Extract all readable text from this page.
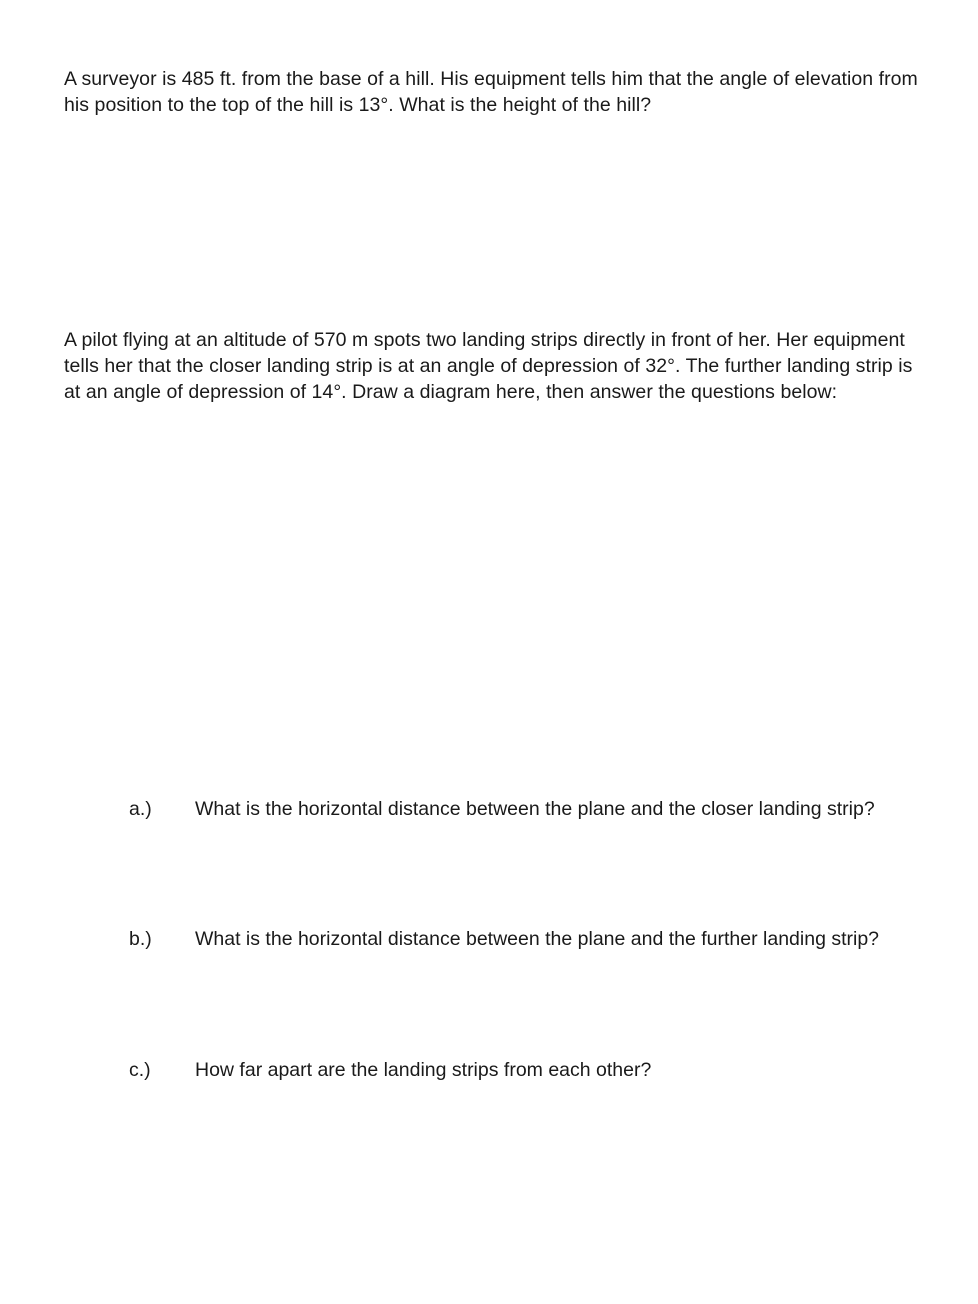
A surveyor is 485 ft. from the base of a hill. His equipment tells him that the angle of elevation from his position to the top of the hill is 13°. What is the height of the hill?

A pilot flying at an altitude of 570 m spots two landing strips directly in front of her. Her equipment tells her that the closer landing strip is at an angle of depression of 32°. The further landing strip is at an angle of depression of 14°. Draw a diagram here, then answer the questions below:

a.) What is the horizontal distance between the plane and the closer landing strip?
b.) What is the horizontal distance between the plane and the further landing strip?
c.) How far apart are the landing strips from each other?
